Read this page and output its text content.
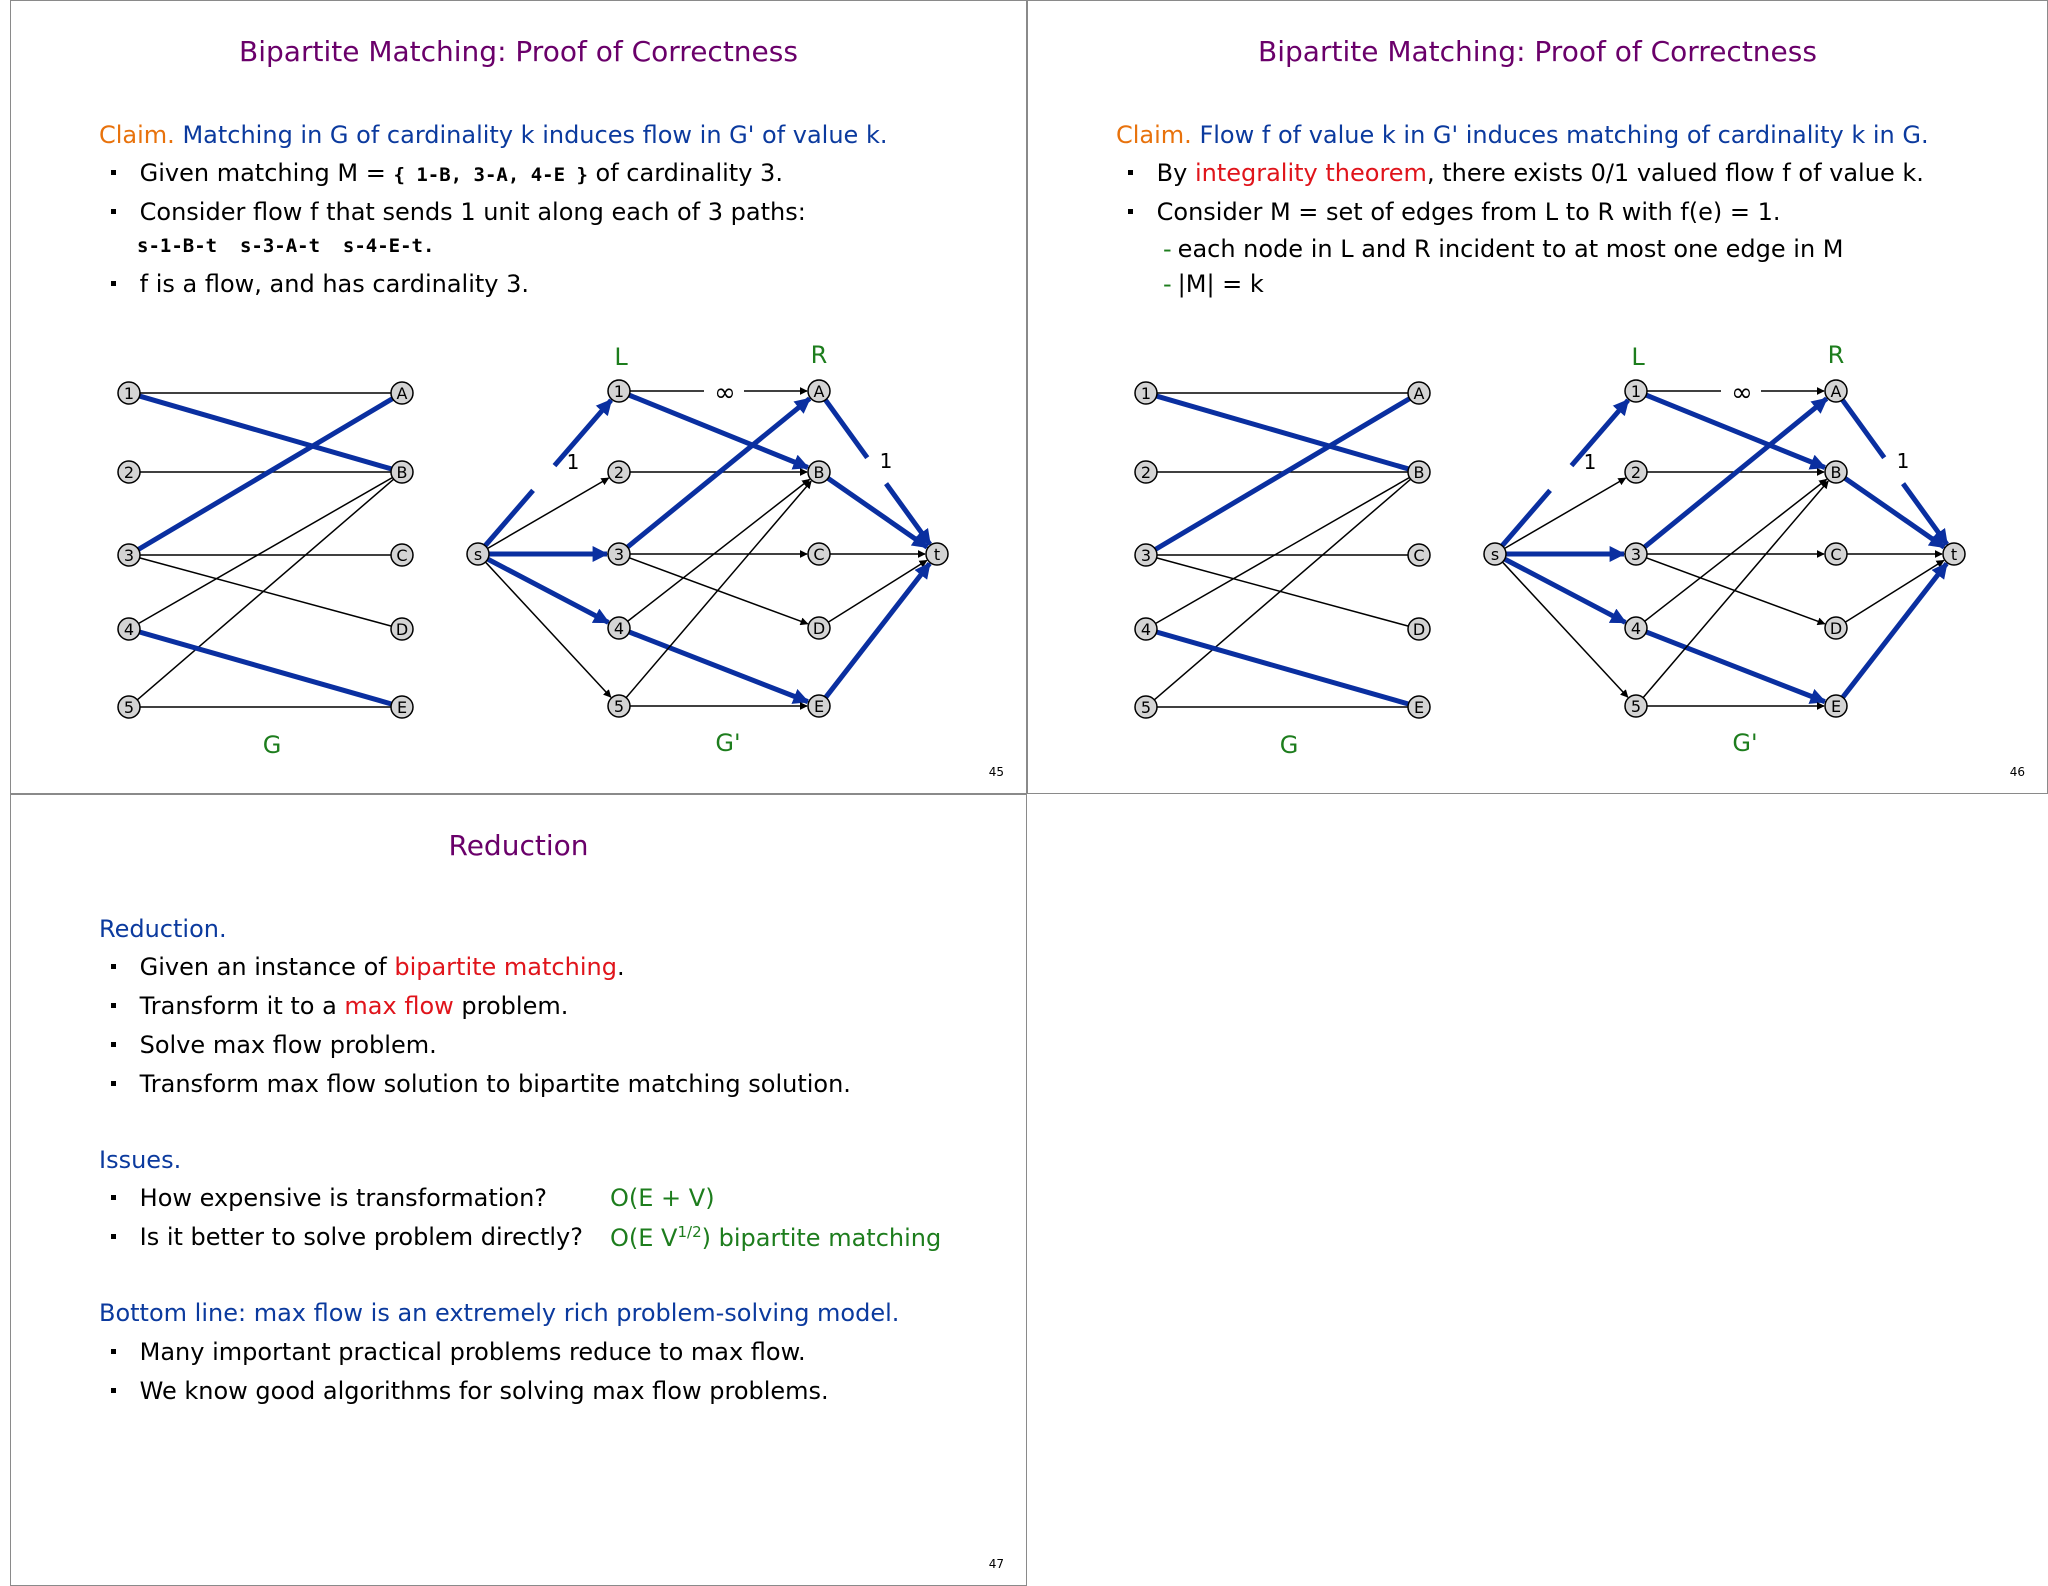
Bipartite Matching: Proof of Correctness
Claim. Matching in G of cardinality k induces flow in G' of value k.
Given matching M = { 1-B, 3-A, 4-E } of cardinality 3.
Consider flow f that sends 1 unit along each of 3 paths:
s-1-B-t  s-3-A-t  s-4-E-t.
f is a flow, and has cardinality 3.
1
2
3
4
5
A
B
C
D
E
G
1
2
3
4
5
A
B
C
D
E
s	t
∞
1	1
L	R
G'
45
Bipartite Matching: Proof of Correctness
Claim. Flow f of value k in G' induces matching of cardinality k in G.
By integrality theorem, there exists 0/1 valued flow f of value k.
Consider M = set of edges from L to R with f(e) = 1.
- each node in L and R incident to at most one edge in M
- |M| = k
1
2
3
4
5
A
B
C
D
E
G
1
2
3
4
5
A
B
C
D
E
s	t
∞
1	1
L	R
G'
46
Reduction
Reduction.
Given an instance of bipartite matching.
Transform it to a max flow problem.
Solve max flow problem.
Transform max flow solution to bipartite matching solution.
Issues.
How expensive is transformation?	O(E + V)
Is it better to solve problem directly? O(E $V^{1/2}$) bipartite matching
Bottom line: max flow is an extremely rich problem-solving model.
Many important practical problems reduce to max flow.
We know good algorithms for solving max flow problems.
47
